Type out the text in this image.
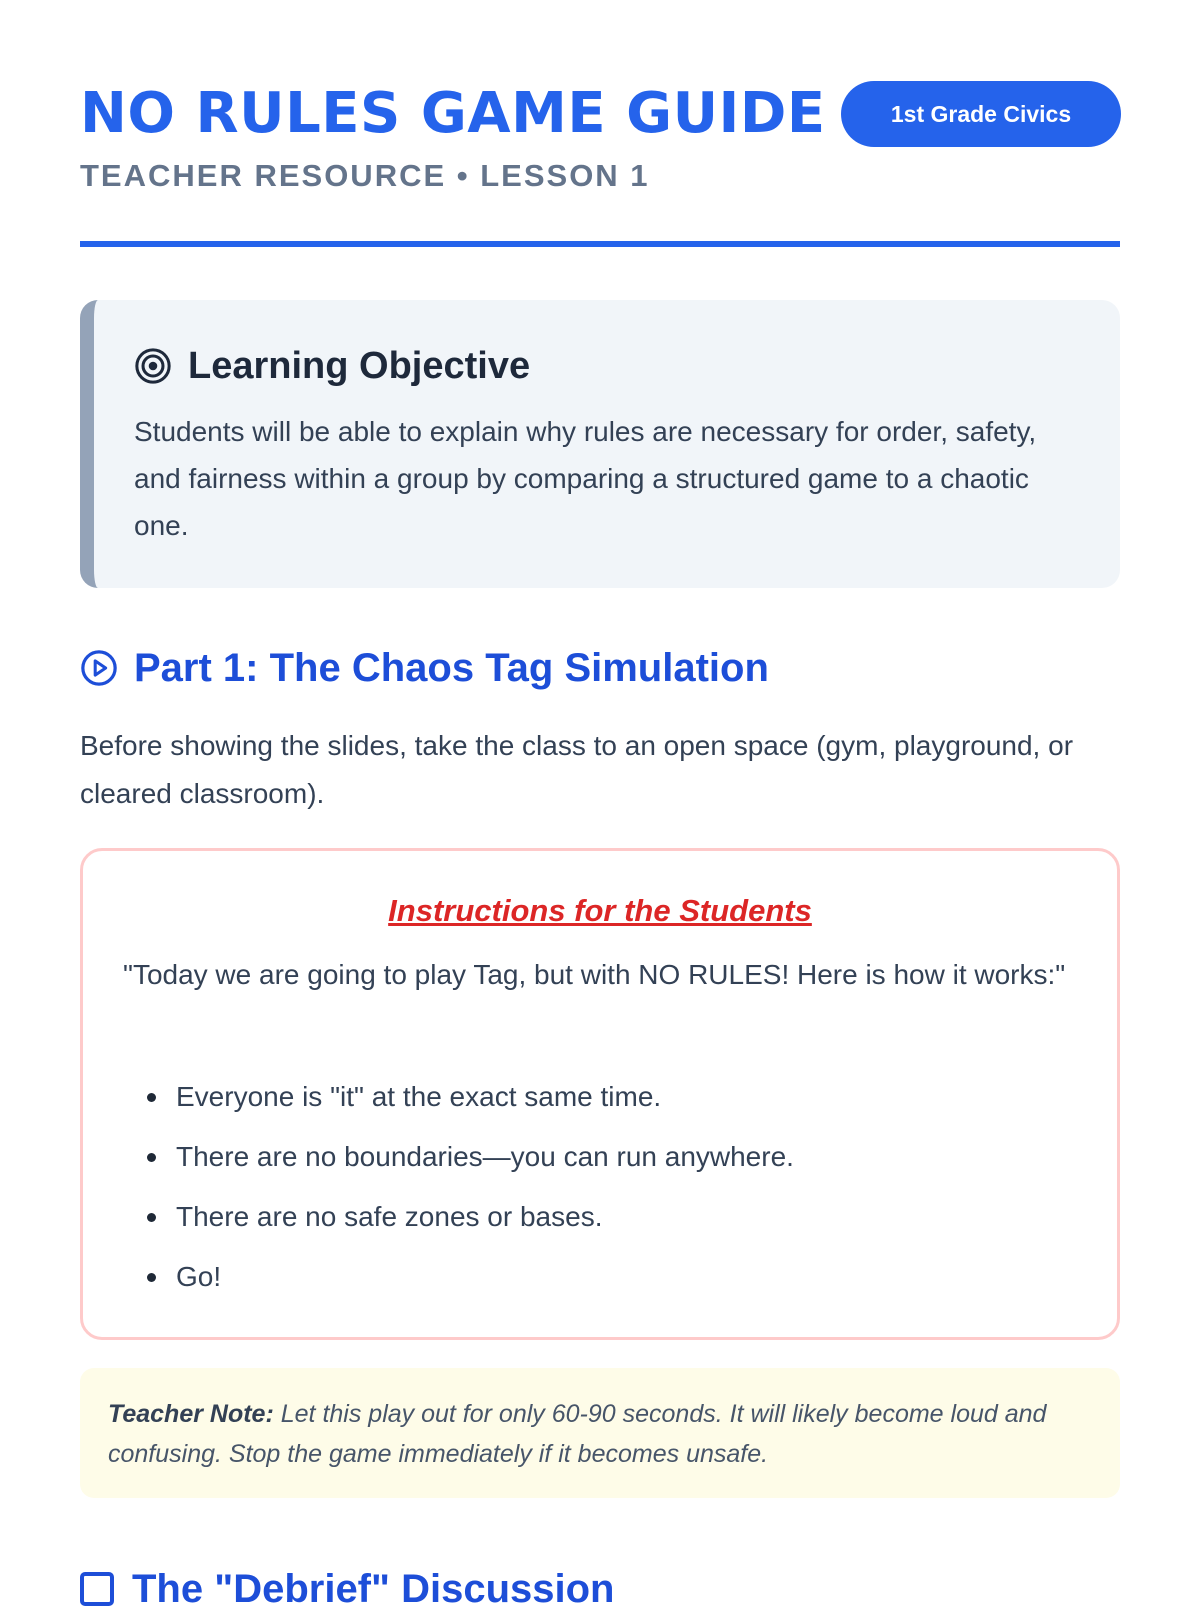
NO RULES GAME GUIDE	1st Grade Civics
TEACHER RESOURCE • LESSON 1
Learning Objective
Students will be able to explain why rules are necessary for order, safety, and fairness within a group by comparing a structured game to a chaotic one.
Part 1: The Chaos Tag Simulation
Before showing the slides, take the class to an open space (gym, playground, or cleared classroom).
Instructions for the Students
"Today we are going to play Tag, but with NO RULES! Here is how it works:"
Everyone is "it" at the exact same time.
There are no boundaries—you can run anywhere.
There are no safe zones or bases.
Go!
Teacher Note: Let this play out for only 60-90 seconds. It will likely become loud and confusing. Stop the game immediately if it becomes unsafe.
The "Debrief" Discussion
